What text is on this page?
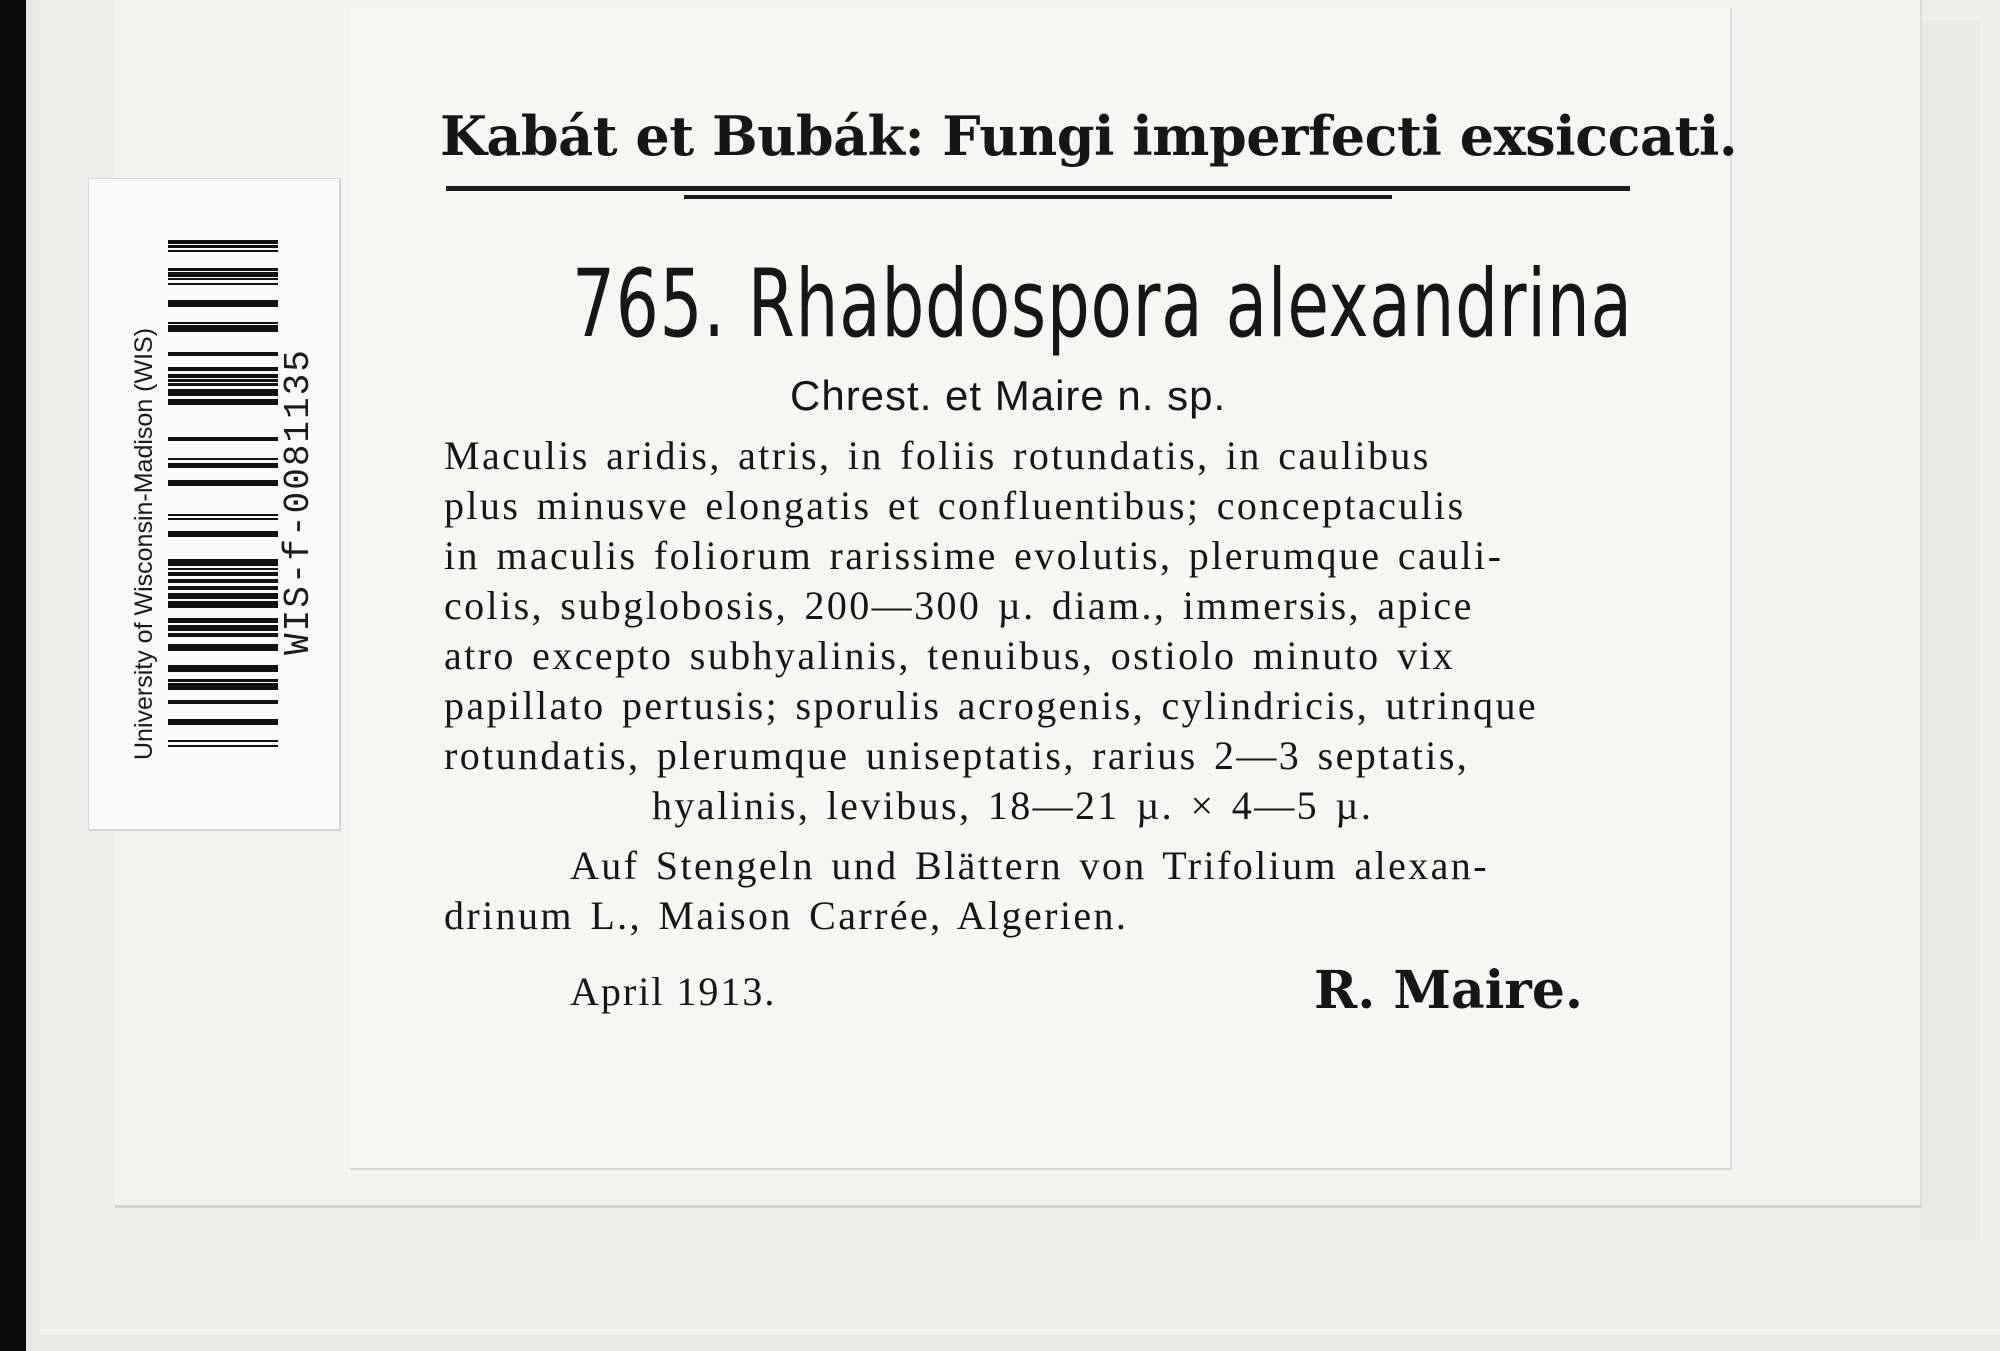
University of Wisconsin-Madison (WIS)	WIS-f-0081135
Kabát et Bubák: Fungi imperfecti exsiccati.
765. Rhabdospora alexandrina
Chrest. et Maire n. sp.
Maculis aridis, atris, in foliis rotundatis, in caulibus
plus minusve elongatis et confluentibus; conceptaculis
in maculis foliorum rarissime evolutis, plerumque cauli-
colis, subglobosis, 200—300 µ. diam., immersis, apice
atro excepto subhyalinis, tenuibus, ostiolo minuto vix
papillato pertusis; sporulis acrogenis, cylindricis, utrinque
rotundatis, plerumque uniseptatis, rarius 2—3 septatis,
hyalinis, levibus, 18—21 µ. × 4—5 µ.
Auf Stengeln und Blättern von Trifolium alexan-
drinum L., Maison Carrée, Algerien.
April 1913.	R. Maire.
